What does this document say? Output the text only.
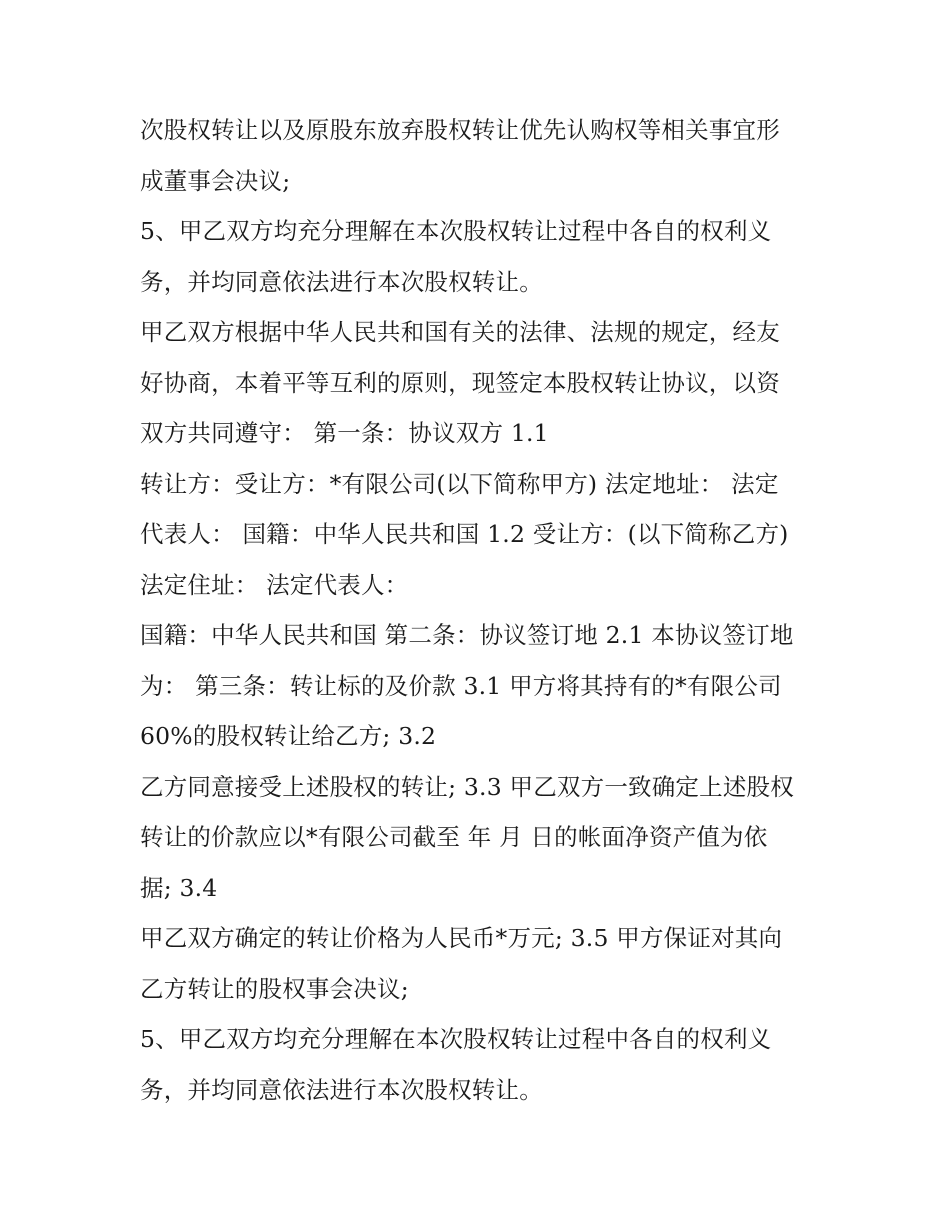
次股权转让以及原股东放弃股权转让优先认购权等相关事宜形
成董事会决议;
5、甲乙双方均充分理解在本次股权转让过程中各自的权利义
务，并均同意依法进行本次股权转让。
甲乙双方根据中华人民共和国有关的法律、法规的规定，经友
好协商，本着平等互利的原则，现签定本股权转让协议，以资
双方共同遵守： 第一条：协议双方 1.1
转让方：受让方：*有限公司(以下简称甲方) 法定地址： 法定
代表人： 国籍：中华人民共和国 1.2 受让方：(以下简称乙方)
法定住址： 法定代表人：
国籍：中华人民共和国 第二条：协议签订地 2.1 本协议签订地
为： 第三条：转让标的及价款 3.1 甲方将其持有的*有限公司
60%的股权转让给乙方; 3.2
乙方同意接受上述股权的转让; 3.3 甲乙双方一致确定上述股权
转让的价款应以*有限公司截至 年 月 日的帐面净资产值为依
据; 3.4
甲乙双方确定的转让价格为人民币*万元; 3.5 甲方保证对其向
乙方转让的股权事会决议;
5、甲乙双方均充分理解在本次股权转让过程中各自的权利义
务，并均同意依法进行本次股权转让。
